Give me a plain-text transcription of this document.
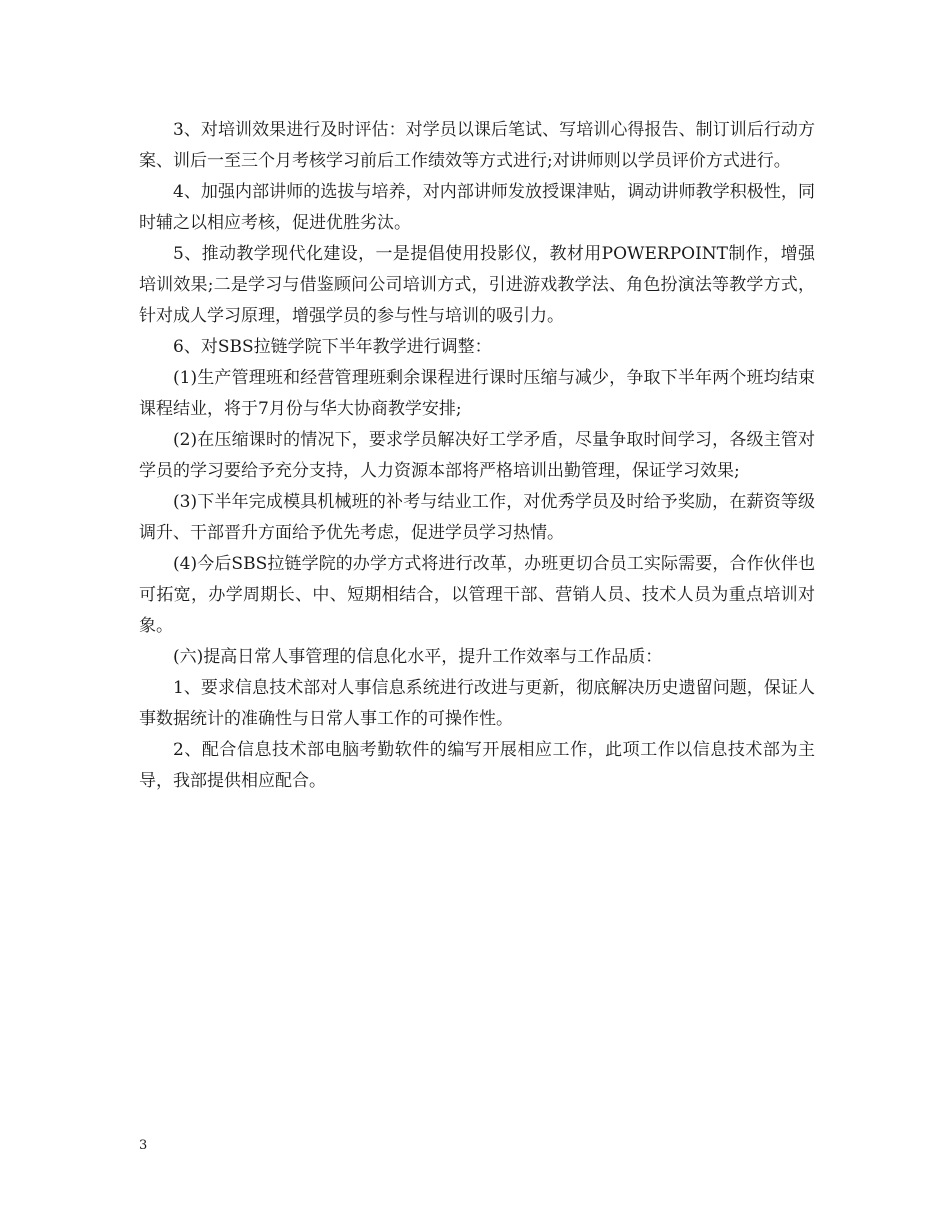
3、对培训效果进行及时评估：对学员以课后笔试、写培训心得报告、制订训后行动方案、训后一至三个月考核学习前后工作绩效等方式进行;对讲师则以学员评价方式进行。

4、加强内部讲师的选拔与培养，对内部讲师发放授课津贴，调动讲师教学积极性，同时辅之以相应考核，促进优胜劣汰。

5、推动教学现代化建设，一是提倡使用投影仪，教材用POWERPOINT制作，增强培训效果;二是学习与借鉴顾问公司培训方式，引进游戏教学法、角色扮演法等教学方式，针对成人学习原理，增强学员的参与性与培训的吸引力。

6、对SBS拉链学院下半年教学进行调整：

(1)生产管理班和经营管理班剩余课程进行课时压缩与减少，争取下半年两个班均结束课程结业，将于7月份与华大协商教学安排;

(2)在压缩课时的情况下，要求学员解决好工学矛盾，尽量争取时间学习，各级主管对学员的学习要给予充分支持，人力资源本部将严格培训出勤管理，保证学习效果;

(3)下半年完成模具机械班的补考与结业工作，对优秀学员及时给予奖励，在薪资等级调升、干部晋升方面给予优先考虑，促进学员学习热情。

(4)今后SBS拉链学院的办学方式将进行改革，办班更切合员工实际需要，合作伙伴也可拓宽，办学周期长、中、短期相结合，以管理干部、营销人员、技术人员为重点培训对象。

(六)提高日常人事管理的信息化水平，提升工作效率与工作品质：

1、要求信息技术部对人事信息系统进行改进与更新，彻底解决历史遗留问题，保证人事数据统计的准确性与日常人事工作的可操作性。

2、配合信息技术部电脑考勤软件的编写开展相应工作，此项工作以信息技术部为主导，我部提供相应配合。

3
